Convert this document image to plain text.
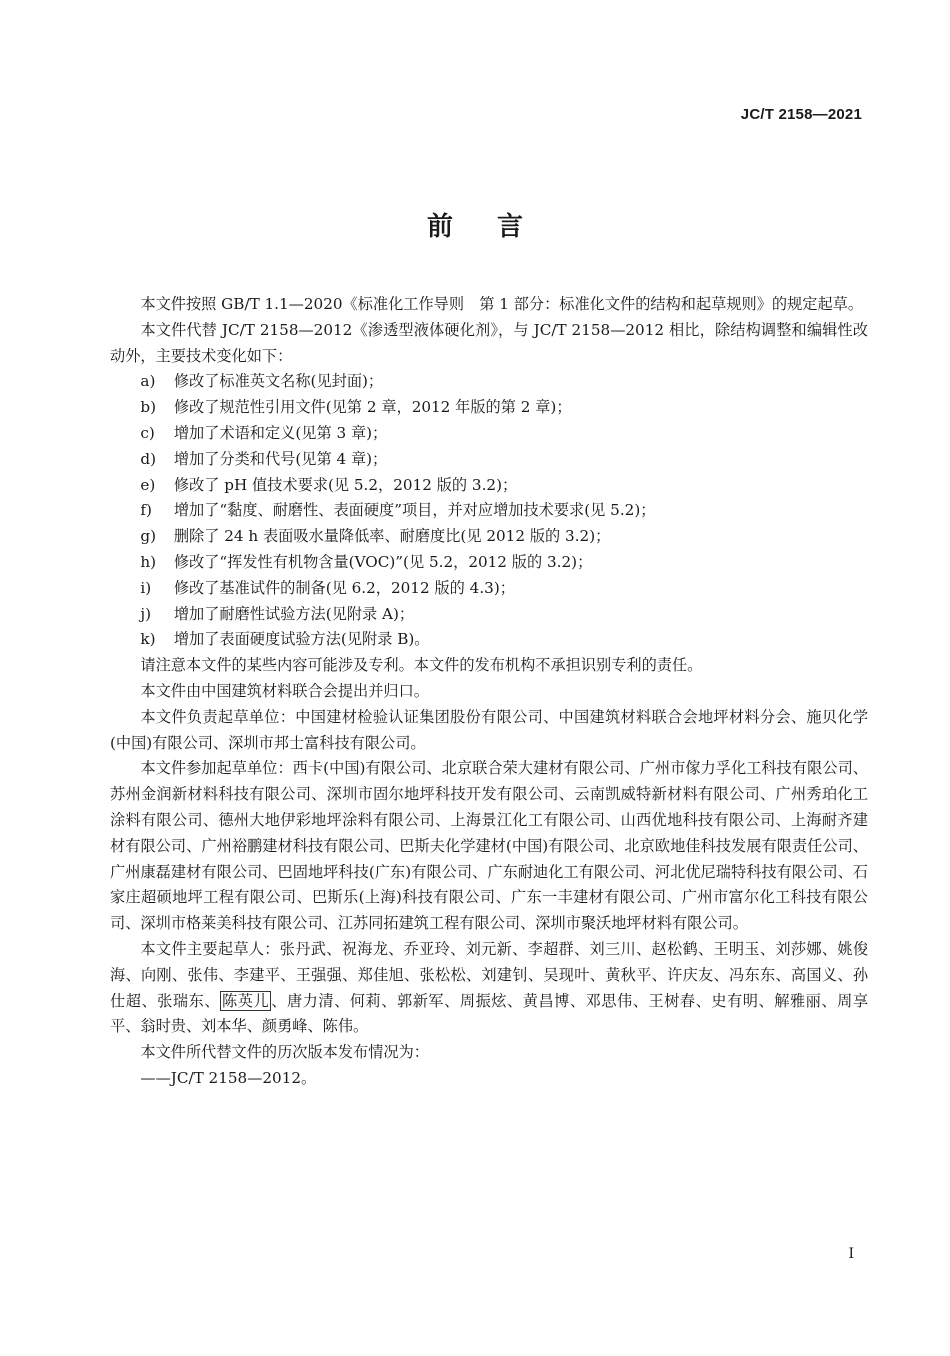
JC/T 2158—2021
前言

本文件按照 GB/T 1.1—2020《标准化工作导则　第 1 部分：标准化文件的结构和起草规则》的规定起草。

本文件代替 JC/T 2158—2012《渗透型液体硬化剂》，与 JC/T 2158—2012 相比，除结构调整和编辑性改动外，主要技术变化如下：

a) 修改了标准英文名称(见封面)；
b) 修改了规范性引用文件(见第 2 章，2012 年版的第 2 章)；
c) 增加了术语和定义(见第 3 章)；
d) 增加了分类和代号(见第 4 章)；
e) 修改了 pH 值技术要求(见 5.2，2012 版的 3.2)；
f) 增加了“黏度、耐磨性、表面硬度”项目，并对应增加技术要求(见 5.2)；
g) 删除了 24 h 表面吸水量降低率、耐磨度比(见 2012 版的 3.2)；
h) 修改了“挥发性有机物含量(VOC)”(见 5.2，2012 版的 3.2)；
i) 修改了基准试件的制备(见 6.2，2012 版的 4.3)；
j) 增加了耐磨性试验方法(见附录 A)；
k) 增加了表面硬度试验方法(见附录 B)。

请注意本文件的某些内容可能涉及专利。本文件的发布机构不承担识别专利的责任。

本文件由中国建筑材料联合会提出并归口。

本文件负责起草单位：中国建材检验认证集团股份有限公司、中国建筑材料联合会地坪材料分会、施贝化学(中国)有限公司、深圳市邦士富科技有限公司。

本文件参加起草单位：西卡(中国)有限公司、北京联合荣大建材有限公司、广州市傢力孚化工科技有限公司、苏州金润新材料科技有限公司、深圳市固尔地坪科技开发有限公司、云南凯威特新材料有限公司、广州秀珀化工涂料有限公司、德州大地伊彩地坪涂料有限公司、上海景江化工有限公司、山西优地科技有限公司、上海耐齐建材有限公司、广州裕鹏建材科技有限公司、巴斯夫化学建材(中国)有限公司、北京欧地佳科技发展有限责任公司、广州康磊建材有限公司、巴固地坪科技(广东)有限公司、广东耐迪化工有限公司、河北优尼瑞特科技有限公司、石家庄超硕地坪工程有限公司、巴斯乐(上海)科技有限公司、广东一丰建材有限公司、广州市富尔化工科技有限公司、深圳市格莱美科技有限公司、江苏同拓建筑工程有限公司、深圳市聚沃地坪材料有限公司。

本文件主要起草人：张丹武、祝海龙、乔亚玲、刘元新、李超群、刘三川、赵松鹤、王明玉、刘莎娜、姚俊海、向刚、张伟、李建平、王强强、郑佳旭、张松松、刘建钊、吴现叶、黄秋平、许庆友、冯东东、高国义、孙仕超、张瑞东、 陈英儿 、唐力清、何莉、郭新军、周振炫、黄昌博、邓思伟、王树春、史有明、解雅丽、周享平、翁时贵、刘本华、颜勇峰、陈伟。

本文件所代替文件的历次版本发布情况为：

——JC/T 2158—2012。

I
